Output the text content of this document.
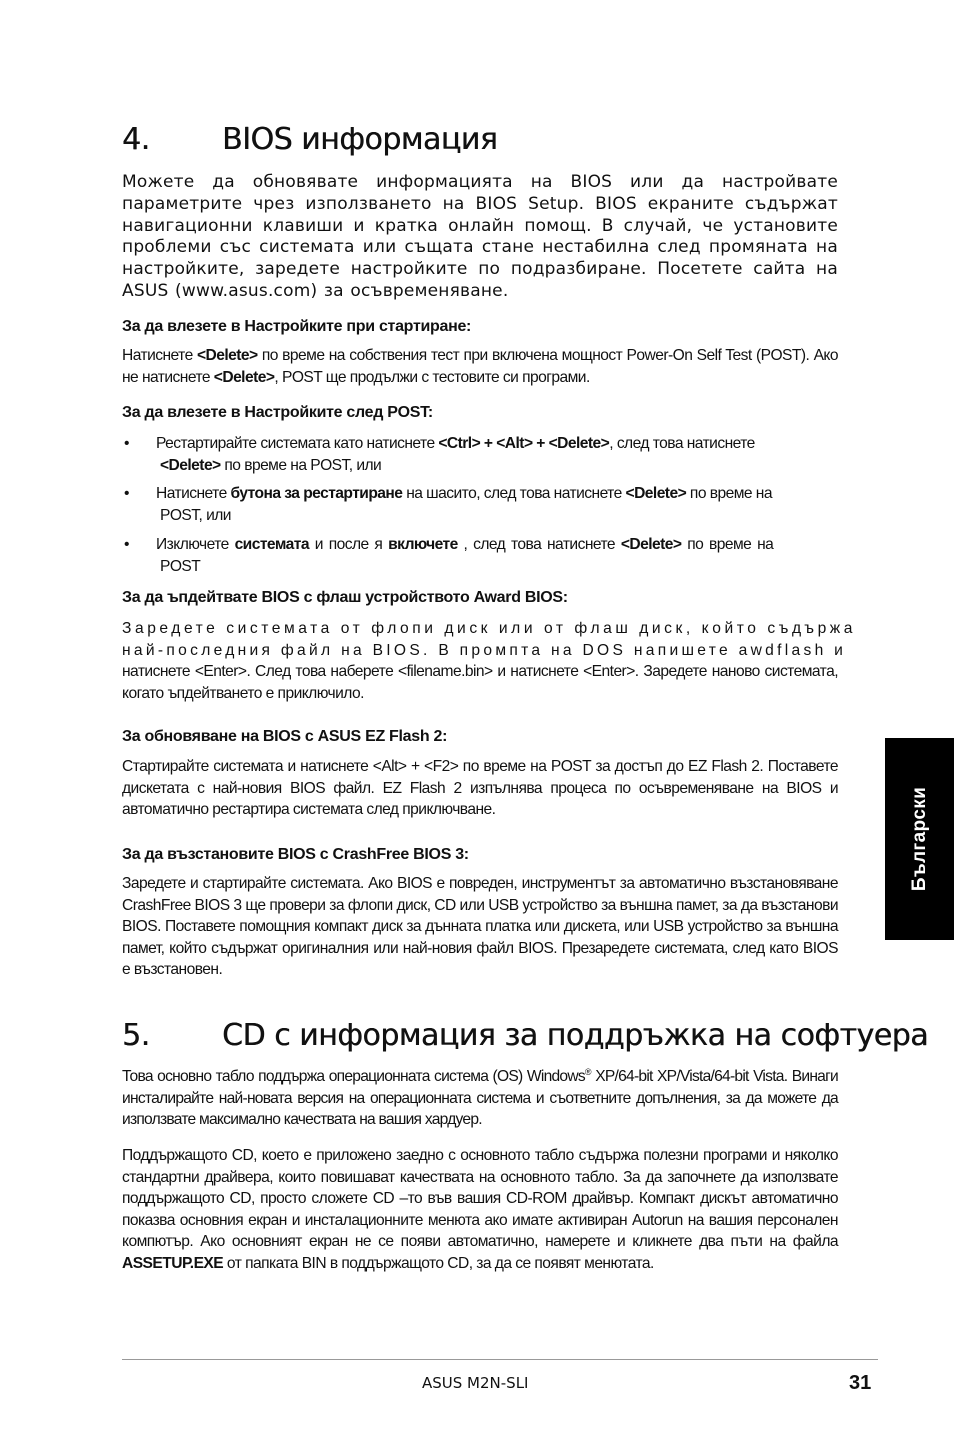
4. BIOS информация
Можете да обновявате информацията на BIOS или да настройвате параметрите чрез използването на BIOS Setup. BIOS екраните съдържат навигационни клавиши и кратка онлайн помощ. В случай, че установите проблеми със системата или същата стане нестабилна след промяната на настройките, заредете настройките по подразбиране. Посетете сайта на ASUS (www.asus.com) за осъвременяване.
За да влезете в Настройките при стартиране:
Натиснете <Delete> по време на собствения тест при включена мощност Power-On Self Test (POST). Ако не натиснете <Delete>, POST ще продължи с тестовите си програми.
За да влезете в Настройките след POST:
• Рестартирайте системата като натиснете <Ctrl> + <Alt> + <Delete>, след това натиснете
<Delete> по време на POST, или
• Натиснете бутона за рестартиране на шасито, след това натиснете <Delete> по време на
POST, или
• Изключете системата и после я включете , след това натиснете <Delete> по време на
POST
За да ъпдейтвате BIOS с флаш устройството Award BIOS:
Заредете системата от флопи диск или от флаш диск, който съдържа
най-последния файл на BIOS. В промпта на DOS напишете awdflash и
натиснете <Enter>. След това наберете <filename.bin> и натиснете <Enter>. Заредете наново системата, когато ъпдейтването е приключило.
За обновяване на BIOS с ASUS EZ Flash 2:
Стартирайте системата и натиснете <Alt> + <F2> по време на POST за достъп до EZ Flash 2. Поставете дискетата с най-новия BIOS файл. EZ Flash 2 изпълнява процеса по осъвременяване на BIOS и автоматично рестартира системата след приключване.
За да възстановите BIOS с CrashFree BIOS 3:
Заредете и стартирайте системата. Ако BIOS е повреден, инструментът за автоматично възстановяване CrashFree BIOS 3 ще провери за флопи диск, CD или USB устройство за външна памет, за да възстанови BIOS. Поставете помощния компакт диск за дънната платка или дискета, или USB устройство за външна памет, който съдържат оригиналния или най-новия файл BIOS. Презаредете системата, след като BIOS е възстановен.
5. CD с информация за поддръжка на софтуера
Това основно табло поддържа операционната система (OS) Windows® XP/64-bit XP/Vista/64-bit Vista. Винаги инсталирайте най-новата версия на операционната система и съответните допълнения, за да можете да използвате максимално качествата на вашия хардуер.
Поддържащото CD, което е приложено заедно с основното табло съдържа полезни програми и няколко стандартни драйвера, които повишават качествата на основното табло. За да започнете да използвате поддържащото CD, просто сложете CD –то във вашия CD-ROM драйвър. Компакт дискът автоматично показва основния екран и инсталационните менюта ако имате активиран Autorun на вашия персонален компютър. Ако основният екран не се появи автоматично, намерете и кликнете два пъти на файла ASSETUP.EXE от папката BIN в поддържащото CD, за да се появят менютата.
Български
ASUS M2N-SLI	31
